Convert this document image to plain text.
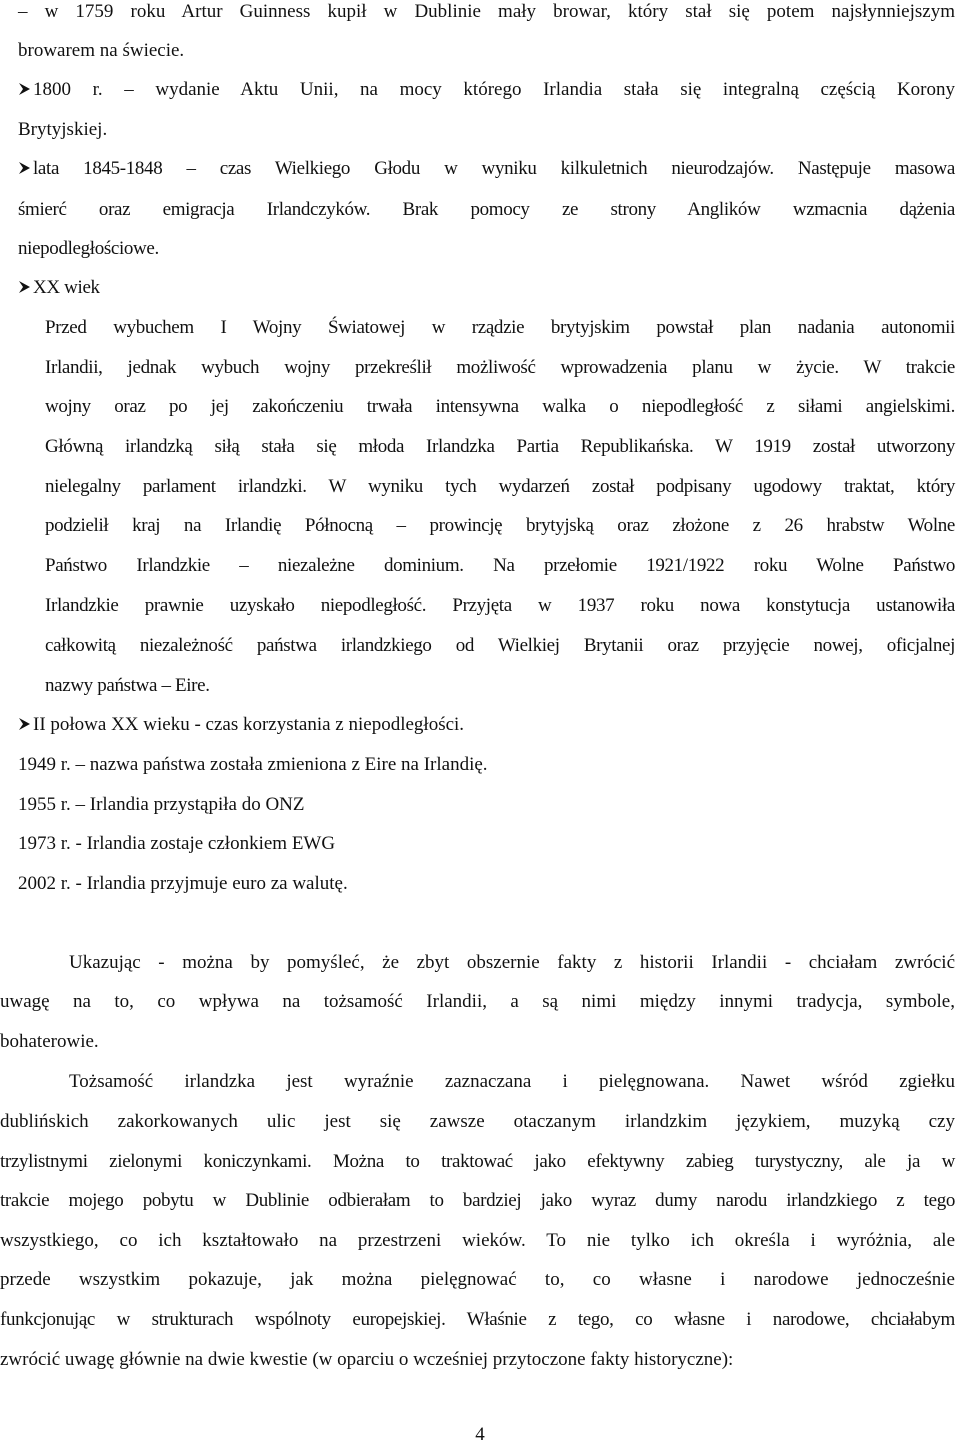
– w 1759 roku Artur Guinness kupił w Dublinie mały browar, który stał się potem najsłynniejszym
browarem na świecie.
1800 r. – wydanie Aktu Unii, na mocy którego Irlandia stała się integralną częścią Korony
Brytyjskiej.
lata 1845-1848 – czas Wielkiego Głodu w wyniku kilkuletnich nieurodzajów. Następuje masowa
śmierć oraz emigracja Irlandczyków. Brak pomocy ze strony Anglików wzmacnia dążenia
niepodległościowe.
XX wiek
Przed wybuchem I Wojny Światowej w rządzie brytyjskim powstał plan nadania autonomii
Irlandii, jednak wybuch wojny przekreślił możliwość wprowadzenia planu w życie. W trakcie
wojny oraz po jej zakończeniu trwała intensywna walka o niepodległość z siłami angielskimi.
Główną irlandzką siłą stała się młoda Irlandzka Partia Republikańska. W 1919 został utworzony
nielegalny parlament irlandzki. W wyniku tych wydarzeń został podpisany ugodowy traktat, który
podzielił kraj na Irlandię Północną – prowincję brytyjską oraz złożone z 26 hrabstw Wolne
Państwo Irlandzkie – niezależne dominium. Na przełomie 1921/1922 roku Wolne Państwo
Irlandzkie prawnie uzyskało niepodległość. Przyjęta w 1937 roku nowa konstytucja ustanowiła
całkowitą niezależność państwa irlandzkiego od Wielkiej Brytanii oraz przyjęcie nowej, oficjalnej
nazwy państwa – Eire.
II połowa XX wieku - czas korzystania z niepodległości.
1949 r. – nazwa państwa została zmieniona z Eire na Irlandię.
1955 r. – Irlandia przystąpiła do ONZ
1973 r. - Irlandia zostaje członkiem EWG
2002 r. - Irlandia przyjmuje euro za walutę.
Ukazując - można by pomyśleć, że zbyt obszernie fakty z historii Irlandii - chciałam zwrócić
uwagę na to, co wpływa na tożsamość Irlandii, a są nimi między innymi tradycja, symbole,
bohaterowie.
Tożsamość irlandzka jest wyraźnie zaznaczana i pielęgnowana. Nawet wśród zgiełku
dublińskich zakorkowanych ulic jest się zawsze otaczanym irlandzkim językiem, muzyką czy
trzylistnymi zielonymi koniczynkami. Można to traktować jako efektywny zabieg turystyczny, ale ja w
trakcie mojego pobytu w Dublinie odbierałam to bardziej jako wyraz dumy narodu irlandzkiego z tego
wszystkiego, co ich kształtowało na przestrzeni wieków. To nie tylko ich określa i wyróżnia, ale
przede wszystkim pokazuje, jak można pielęgnować to, co własne i narodowe jednocześnie
funkcjonując w strukturach wspólnoty europejskiej. Właśnie z tego, co własne i narodowe, chciałabym
zwrócić uwagę głównie na dwie kwestie (w oparciu o wcześniej przytoczone fakty historyczne):
4
